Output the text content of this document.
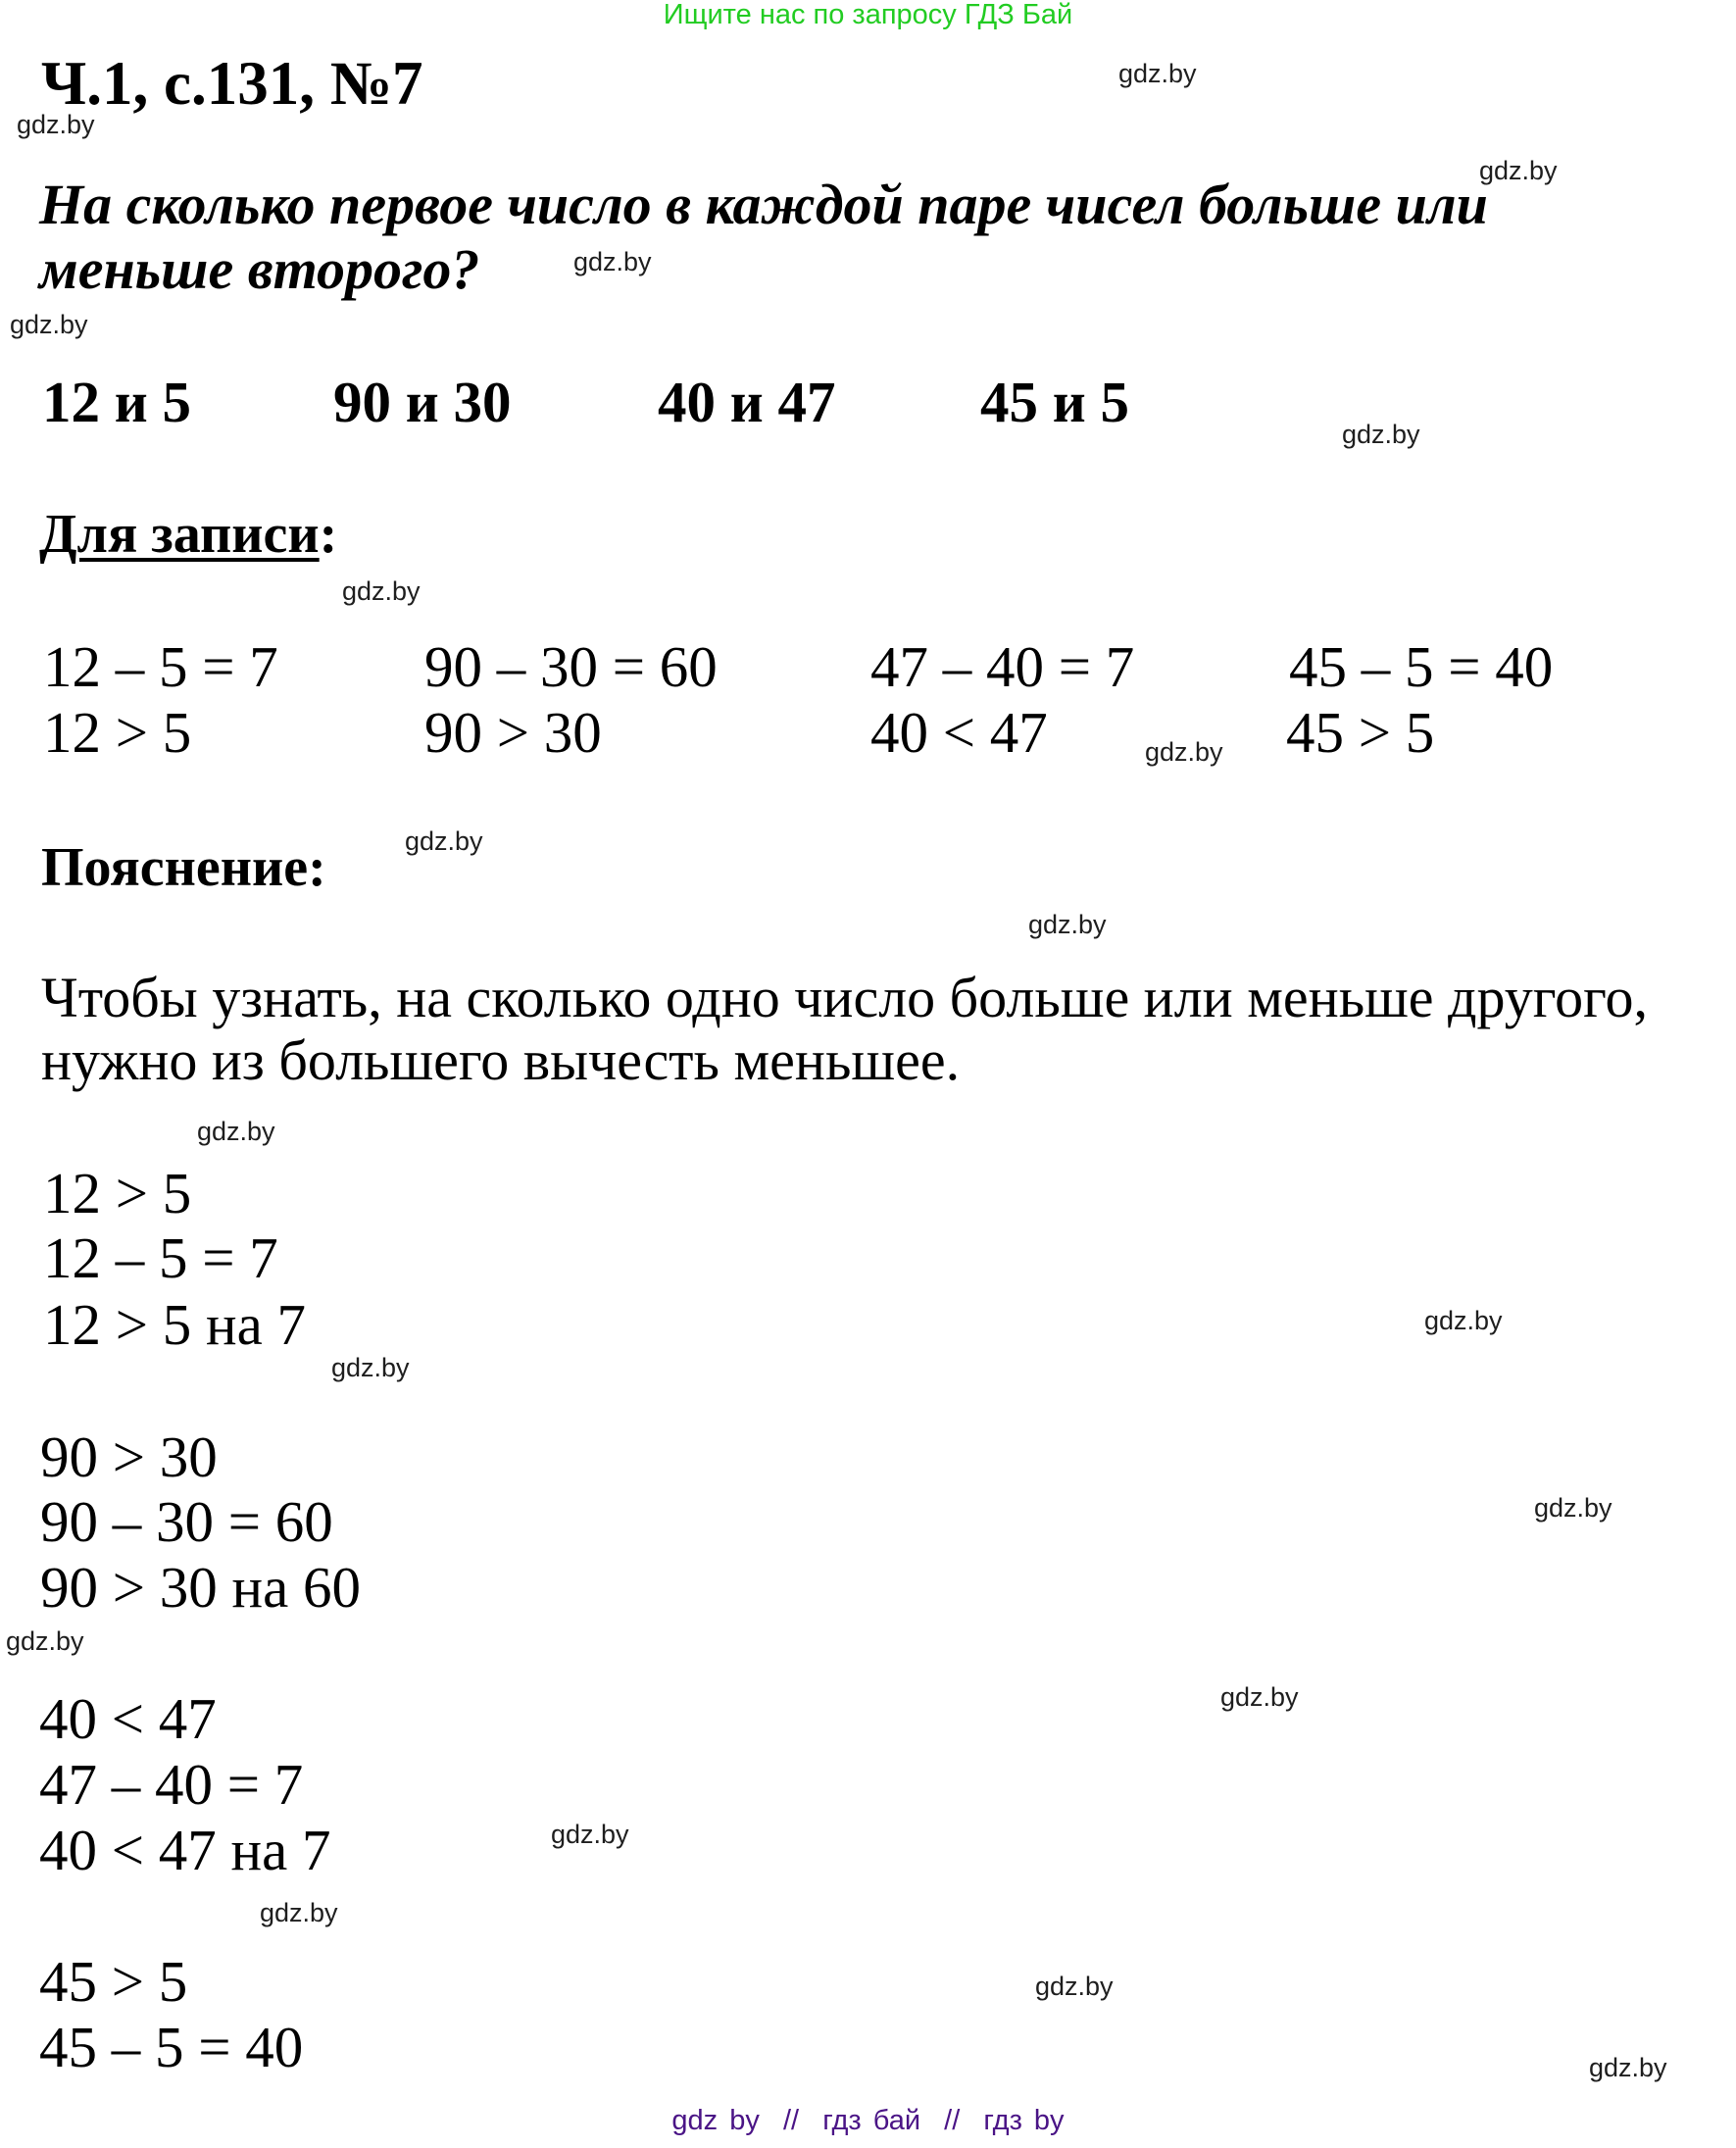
Ищите нас по запросу ГДЗ Бай
Ч.1, с.131, №7
На сколько первое число в каждой паре чисел больше или
меньше второго?
12 и 5 90 и 30	40 и 47	45 и 5
Для записи:
12 – 5 = 7	90 – 30 = 60	47 – 40 = 7	45 – 5 = 40
12 > 5	90 > 30	40 < 47	45 > 5
Пояснение:
Чтобы узнать, на сколько одно число больше или меньше другого,
нужно из большего вычесть меньшее.
12 > 5
12 – 5 = 7
12 > 5 на 7
90 > 30
90 – 30 = 60
90 > 30 на 60
40 < 47
47 – 40 = 7
40 < 47 на 7
45 > 5
45 – 5 = 40
gdz.by
gdz.by
gdz.by
gdz.by
gdz.by
gdz.by
gdz.by
gdz.by
gdz.by
gdz.by
gdz.by
gdz.by
gdz.by
gdz.by
gdz.by
gdz.by
gdz.by
gdz.by
gdz.by
gdz.by
gdz by  //  гдз бай  //  гдз by
